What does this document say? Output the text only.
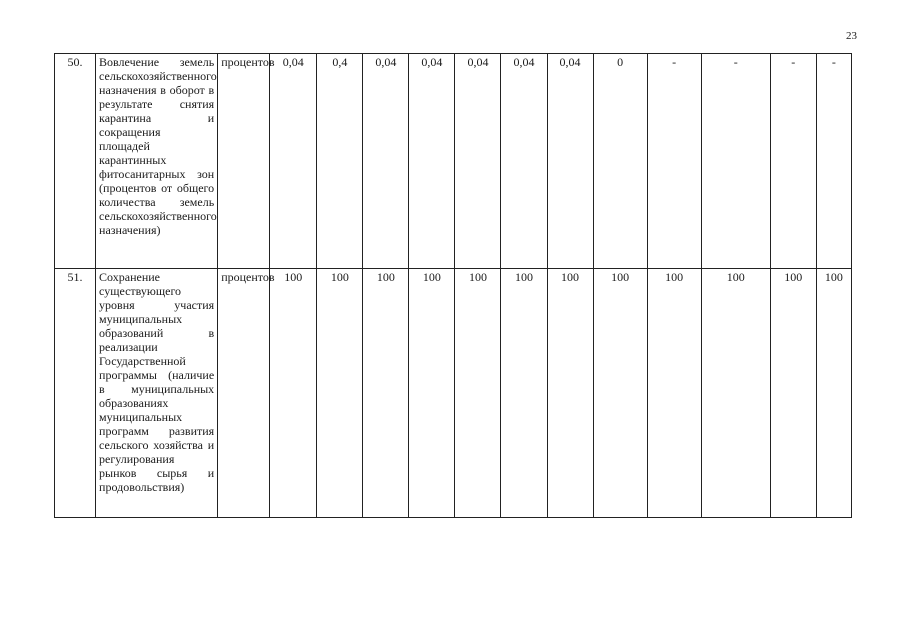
23
50.	Вовлечение земель сельскохозяйственного назначения в оборот в результате снятия карантина и сокращения площадей карантинных фитосанитарных зон (процентов от общего количества земель сельскохозяйственного назначения)	процентов	0,04	0,4	0,04	0,04	0,04	0,04	0,04	0	-	-	-	-
51.	Сохранение существующего уровня участия муниципальных образований в реализации Государственной программы (наличие в муниципальных образованиях муниципальных программ развития сельского хозяйства и регулирования рынков сырья и продовольствия)	процентов	100	100	100	100	100	100	100	100	100	100	100	100
